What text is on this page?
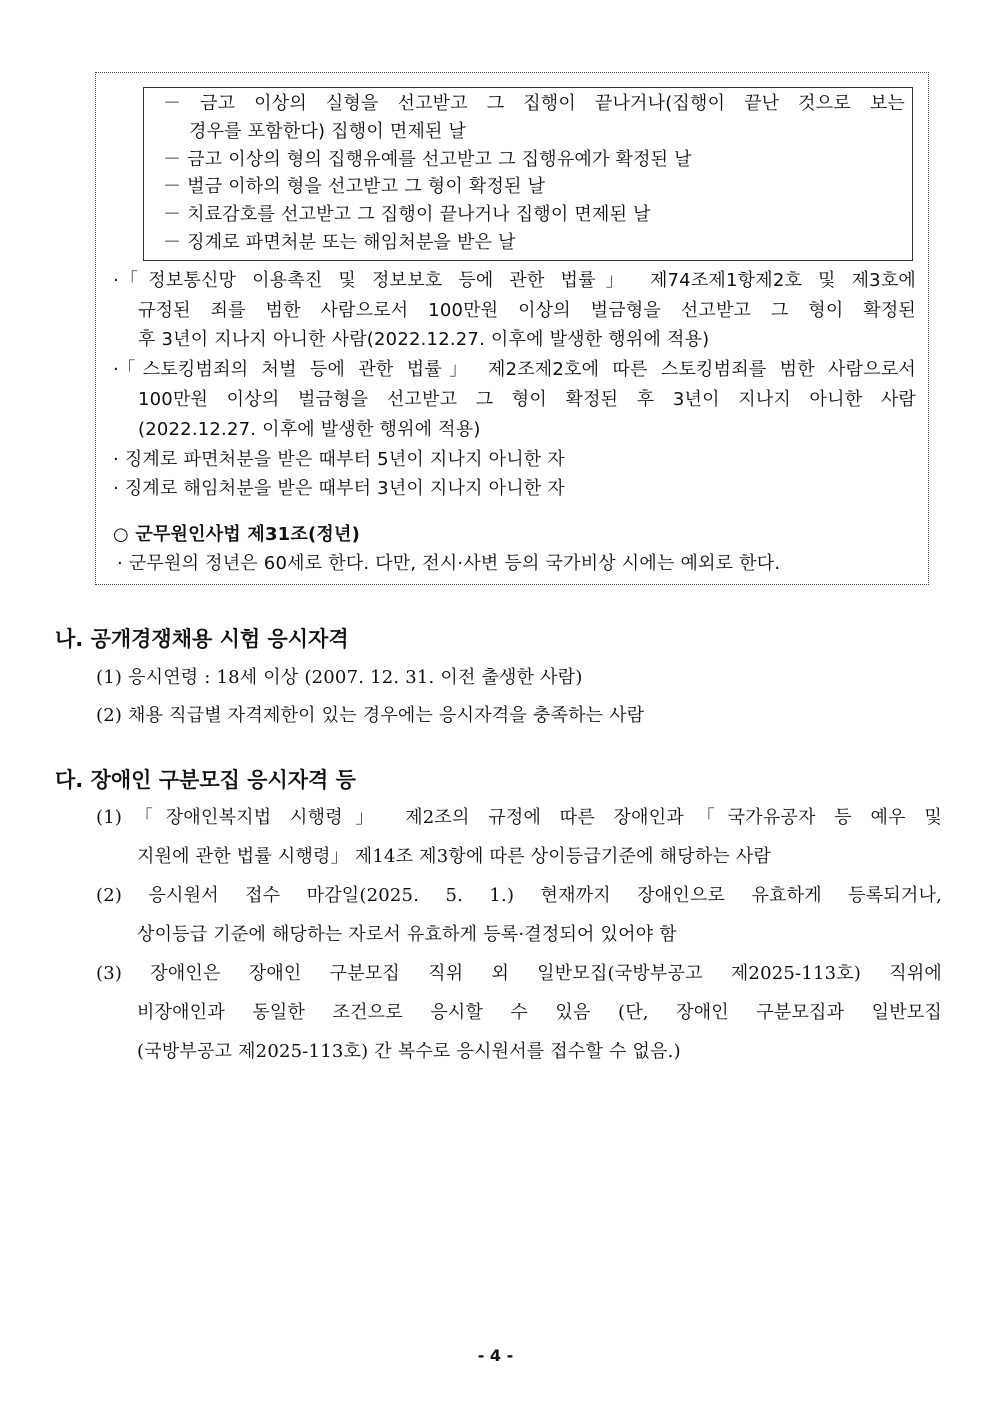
－ 금고 이상의 실형을 선고받고 그 집행이 끝나거나(집행이 끝난 것으로 보는
경우를 포함한다) 집행이 면제된 날
－ 금고 이상의 형의 집행유예를 선고받고 그 집행유예가 확정된 날
－ 벌금 이하의 형을 선고받고 그 형이 확정된 날
－ 치료감호를 선고받고 그 집행이 끝나거나 집행이 면제된 날
－ 징계로 파면처분 또는 해임처분을 받은 날
·「정보통신망 이용촉진 및 정보보호 등에 관한 법률」 제74조제1항제2호 및 제3호에
규정된 죄를 범한 사람으로서 100만원 이상의 벌금형을 선고받고 그 형이 확정된
후 3년이 지나지 아니한 사람(2022.12.27. 이후에 발생한 행위에 적용)
·「스토킹범죄의 처벌 등에 관한 법률」 제2조제2호에 따른 스토킹범죄를 범한 사람으로서
100만원 이상의 벌금형을 선고받고 그 형이 확정된 후 3년이 지나지 아니한 사람
(2022.12.27. 이후에 발생한 행위에 적용)
· 징계로 파면처분을 받은 때부터 5년이 지나지 아니한 자
· 징계로 해임처분을 받은 때부터 3년이 지나지 아니한 자
○ 군무원인사법 제31조(정년)
· 군무원의 정년은 60세로 한다. 다만, 전시·사변 등의 국가비상 시에는 예외로 한다.
나. 공개경쟁채용 시험 응시자격
(1) 응시연령 : 18세 이상 (2007. 12. 31. 이전 출생한 사람)
(2) 채용 직급별 자격제한이 있는 경우에는 응시자격을 충족하는 사람
다. 장애인 구분모집 응시자격 등
(1)「장애인복지법 시행령」 제2조의 규정에 따른 장애인과「국가유공자 등 예우 및
지원에 관한 법률 시행령」 제14조 제3항에 따른 상이등급기준에 해당하는 사람
(2) 응시원서 접수 마감일(2025. 5. 1.) 현재까지 장애인으로 유효하게 등록되거나,
상이등급 기준에 해당하는 자로서 유효하게 등록·결정되어 있어야 함
(3) 장애인은 장애인 구분모집 직위 외 일반모집(국방부공고 제2025-113호) 직위에
비장애인과 동일한 조건으로 응시할 수 있음 (단, 장애인 구분모집과 일반모집
(국방부공고 제2025-113호) 간 복수로 응시원서를 접수할 수 없음.)
- 4 -
